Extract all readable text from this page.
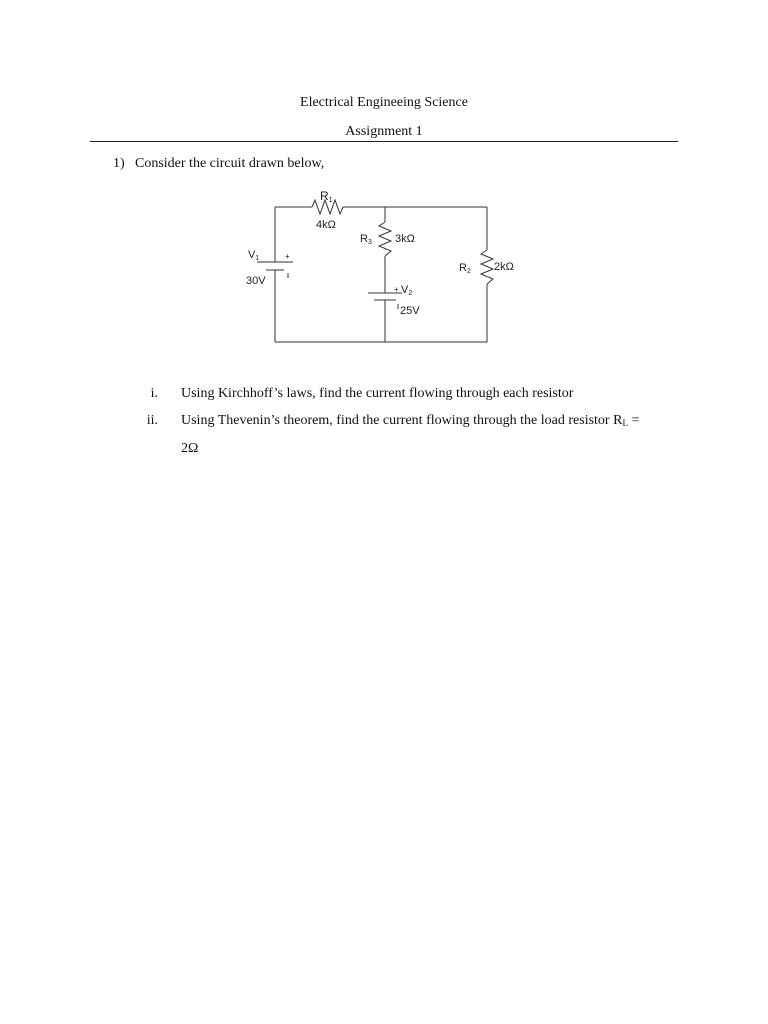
Electrical Engineeing Science
Assignment 1
1) Consider the circuit drawn below,
R1
4kΩ
R3 3kΩ
R2 2kΩ
V1	+
30V
+ V2
25V
i. Using Kirchhoff’s laws, find the current flowing through each resistor
ii. Using Thevenin’s theorem, find the current flowing through the load resistor $R_L$ =
2Ω
